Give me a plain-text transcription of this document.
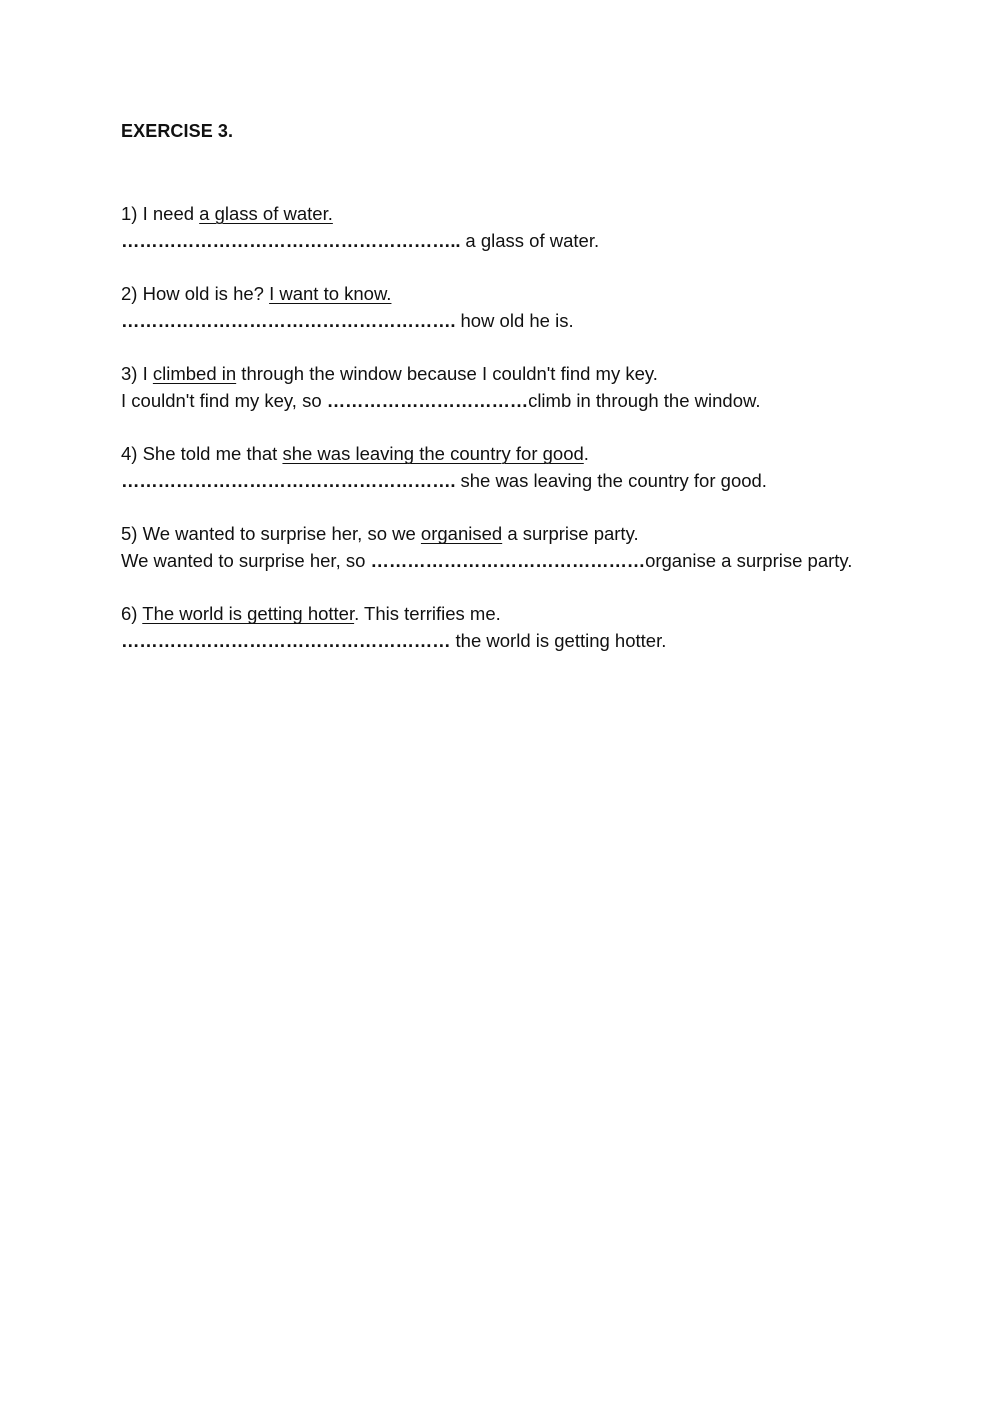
EXERCISE 3.
1) I need a glass of water.
……………………………………………….. a glass of water.
2) How old is he? I want to know.
………………………………………………. how old he is.
3) I climbed in through the window because I couldn't find my key.
I couldn't find my key, so ……………………………climb in through the window.
4) She told me that she was leaving the country for good.
………………………………………………. she was leaving the country for good.
5) We wanted to surprise her, so we organised a surprise party.
We wanted to surprise her, so ………………………………………organise a surprise party.
6) The world is getting hotter. This terrifies me.
……………………………………………… the world is getting hotter.
